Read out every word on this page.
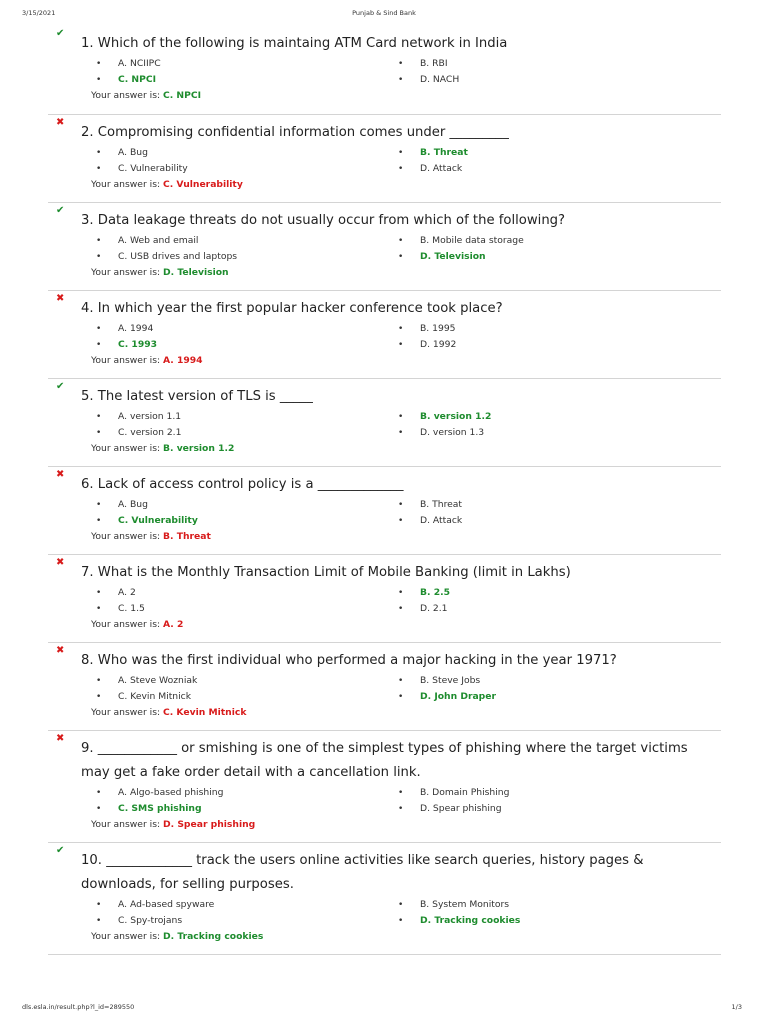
3/15/2021	Punjab & Sind Bank
✔
1. Which of the following is maintaing ATM Card network in India
• A. NCIIPC	• B. RBI
• C. NPCI	• D. NACH
Your answer is: C. NPCI
✖
2. Compromising confidential information comes under _________
• A. Bug	• B. Threat
• C. Vulnerability	• D. Attack
Your answer is: C. Vulnerability
✔
3. Data leakage threats do not usually occur from which of the following?
• A. Web and email	• B. Mobile data storage
• C. USB drives and laptops	• D. Television
Your answer is: D. Television
✖
4. In which year the first popular hacker conference took place?
• A. 1994	• B. 1995
• C. 1993	• D. 1992
Your answer is: A. 1994
✔
5. The latest version of TLS is _____
• A. version 1.1	• B. version 1.2
• C. version 2.1	• D. version 1.3
Your answer is: B. version 1.2
✖
6. Lack of access control policy is a _____________
• A. Bug	• B. Threat
• C. Vulnerability	• D. Attack
Your answer is: B. Threat
✖
7. What is the Monthly Transaction Limit of Mobile Banking (limit in Lakhs)
• A. 2	• B. 2.5
• C. 1.5	• D. 2.1
Your answer is: A. 2
✖
8. Who was the first individual who performed a major hacking in the year 1971?
• A. Steve Wozniak	• B. Steve Jobs
• C. Kevin Mitnick	• D. John Draper
Your answer is: C. Kevin Mitnick
✖
9. ____________ or smishing is one of the simplest types of phishing where the target victims may get a fake order detail with a cancellation link.
• A. Algo-based phishing	• B. Domain Phishing
• C. SMS phishing	• D. Spear phishing
Your answer is: D. Spear phishing
✔
10. _____________ track the users online activities like search queries, history pages & downloads, for selling purposes.
• A. Ad-based spyware	• B. System Monitors
• C. Spy-trojans	• D. Tracking cookies
Your answer is: D. Tracking cookies
dls.esla.in/result.php?l_id=289550	1/3
